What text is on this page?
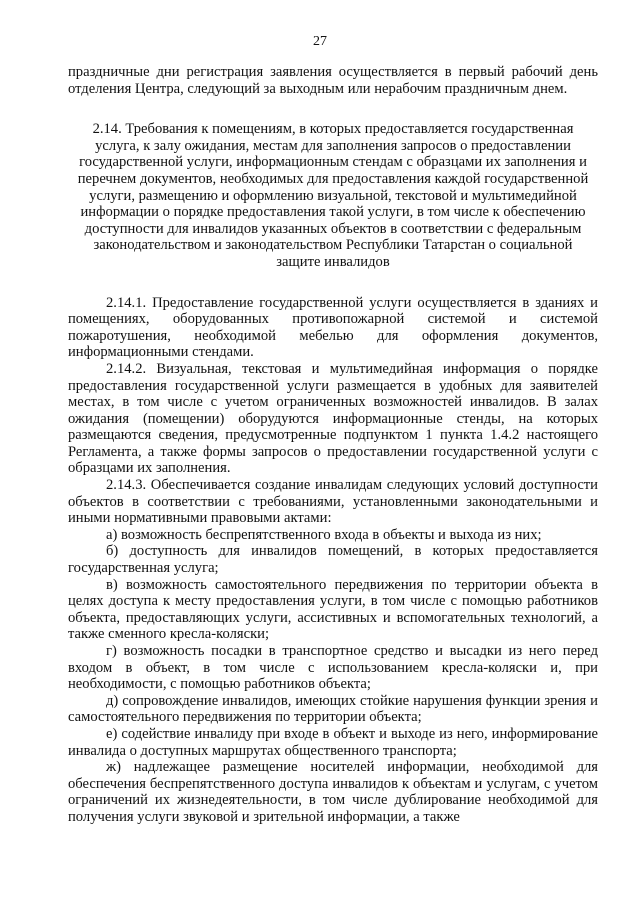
27

праздничные дни регистрация заявления осуществляется в первый рабочий день отделения Центра, следующий за выходным или нерабочим праздничным днем.

2.14. Требования к помещениям, в которых предоставляется государственная услуга, к залу ожидания, местам для заполнения запросов о предоставлении государственной услуги, информационным стендам с образцами их заполнения и перечнем документов, необходимых для предоставления каждой государственной услуги, размещению и оформлению визуальной, текстовой и мультимедийной информации о порядке предоставления такой услуги, в том числе к обеспечению доступности для инвалидов указанных объектов в соответствии с федеральным законодательством и законодательством Республики Татарстан о социальной защите инвалидов

2.14.1. Предоставление государственной услуги осуществляется в зданиях и помещениях, оборудованных противопожарной системой и системой пожаротушения, необходимой мебелью для оформления документов, информационными стендами.

2.14.2. Визуальная, текстовая и мультимедийная информация о порядке предоставления государственной услуги размещается в удобных для заявителей местах, в том числе с учетом ограниченных возможностей инвалидов. В залах ожидания (помещении) оборудуются информационные стенды, на которых размещаются сведения, предусмотренные подпунктом 1 пункта 1.4.2 настоящего Регламента, а также формы запросов о предоставлении государственной услуги с образцами их заполнения.

2.14.3. Обеспечивается создание инвалидам следующих условий доступности объектов в соответствии с требованиями, установленными законодательными и иными нормативными правовыми актами:

а) возможность беспрепятственного входа в объекты и выхода из них;

б) доступность для инвалидов помещений, в которых предоставляется государственная услуга;

в) возможность самостоятельного передвижения по территории объекта в целях доступа к месту предоставления услуги, в том числе с помощью работников объекта, предоставляющих услуги, ассистивных и вспомогательных технологий, а также сменного кресла-коляски;

г) возможность посадки в транспортное средство и высадки из него перед входом в объект, в том числе с использованием кресла-коляски и, при необходимости, с помощью работников объекта;

д) сопровождение инвалидов, имеющих стойкие нарушения функции зрения и самостоятельного передвижения по территории объекта;

е) содействие инвалиду при входе в объект и выходе из него, информирование инвалида о доступных маршрутах общественного транспорта;

ж) надлежащее размещение носителей информации, необходимой для обеспечения беспрепятственного доступа инвалидов к объектам и услугам, с учетом ограничений их жизнедеятельности, в том числе дублирование необходимой для получения услуги звуковой и зрительной информации, а также
